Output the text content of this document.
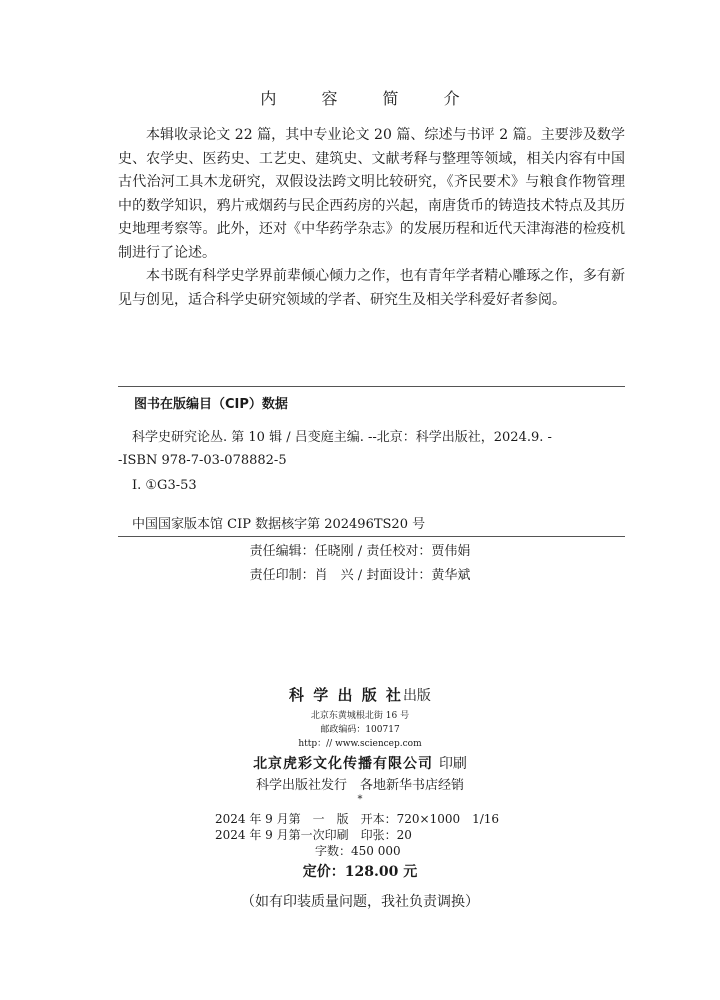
内 容 简 介

本辑收录论文 22 篇，其中专业论文 20 篇、综述与书评 2 篇。主要涉及数学史、农学史、医药史、工艺史、建筑史、文献考释与整理等领域，相关内容有中国古代治河工具木龙研究，双假设法跨文明比较研究，《齐民要术》与粮食作物管理中的数学知识，鸦片戒烟药与民企西药房的兴起，南唐货币的铸造技术特点及其历史地理考察等。此外，还对《中华药学杂志》的发展历程和近代天津海港的检疫机制进行了论述。

本书既有科学史学界前辈倾心倾力之作，也有青年学者精心雕琢之作，多有新见与创见，适合科学史研究领域的学者、研究生及相关学科爱好者参阅。

图书在版编目（CIP）数据
科学史研究论丛. 第 10 辑 / 吕变庭主编. --北京：科学出版社，2024.9. -
-ISBN 978-7-03-078882-5
Ⅰ. ①G3-53
中国国家版本馆 CIP 数据核字第 202496TS20 号
责任编辑：任晓刚 / 责任校对：贾伟娟
责任印制：肖　兴 / 封面设计：黄华斌
科 学 出 版 社出版
北京东黄城根北街 16 号
邮政编码：100717
http：// www.sciencep.com
北京虎彩文化传播有限公司 印刷
科学出版社发行　各地新华书店经销
*
2024 年 9 月第　一　版　开本：720×1000　1/16
2024 年 9 月第一次印刷　印张：20
字数：450 000
定价：128.00 元
（如有印装质量问题，我社负责调换）
